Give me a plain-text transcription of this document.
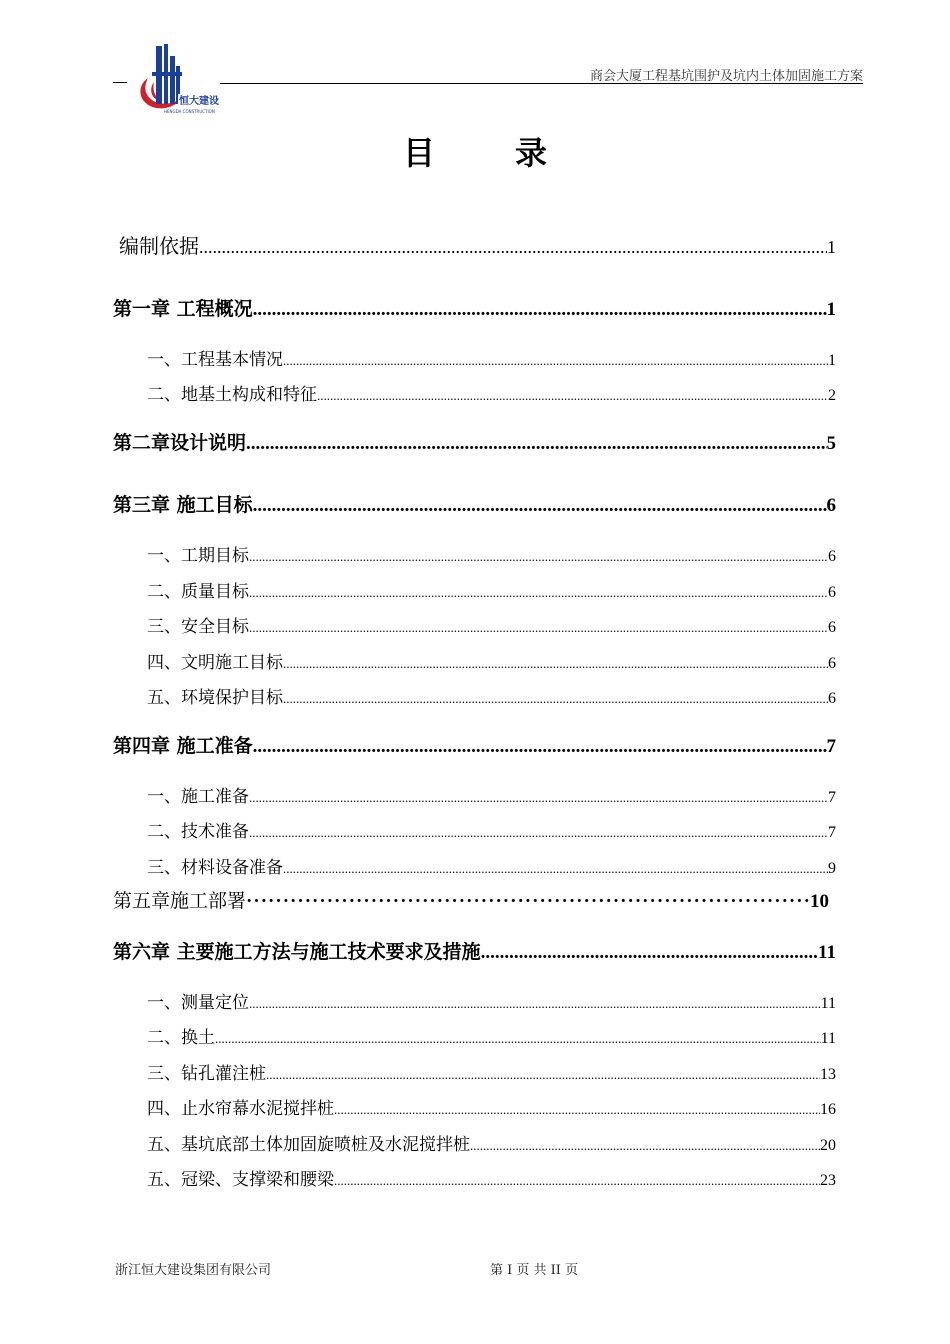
恒大建设
HENGDA CONSTRUCTION
商会大厦工程基坑围护及坑内土体加固施工方案
目录
编制依据 .....	1
第一章 工程概况 .....	1
一、工程基本情况 .....	1
二、地基土构成和特征 .....	2
第二章设计说明 .....	5
第三章 施工目标 .....	6
一、工期目标 .....	6
二、质量目标 .....	6
三、安全目标 .....	6
四、文明施工目标 .....	6
五、环境保护目标 .....	6
第四章 施工准备 .....	7
一、施工准备 .....	7
二、技术准备 .....	7
三、材料设备准备 .....	9
第五章施工部署 ·····	10
第六章 主要施工方法与施工技术要求及措施 .....	11
一、测量定位 .....	11
二、换土 .....	11
三、钻孔灌注桩 .....	13
四、止水帘幕水泥搅拌桩 .....	16
五、基坑底部土体加固旋喷桩及水泥搅拌桩 .....	20
五、冠梁、支撑梁和腰梁 .....	23
浙江恒大建设集团有限公司	第 I 页 共 II 页
